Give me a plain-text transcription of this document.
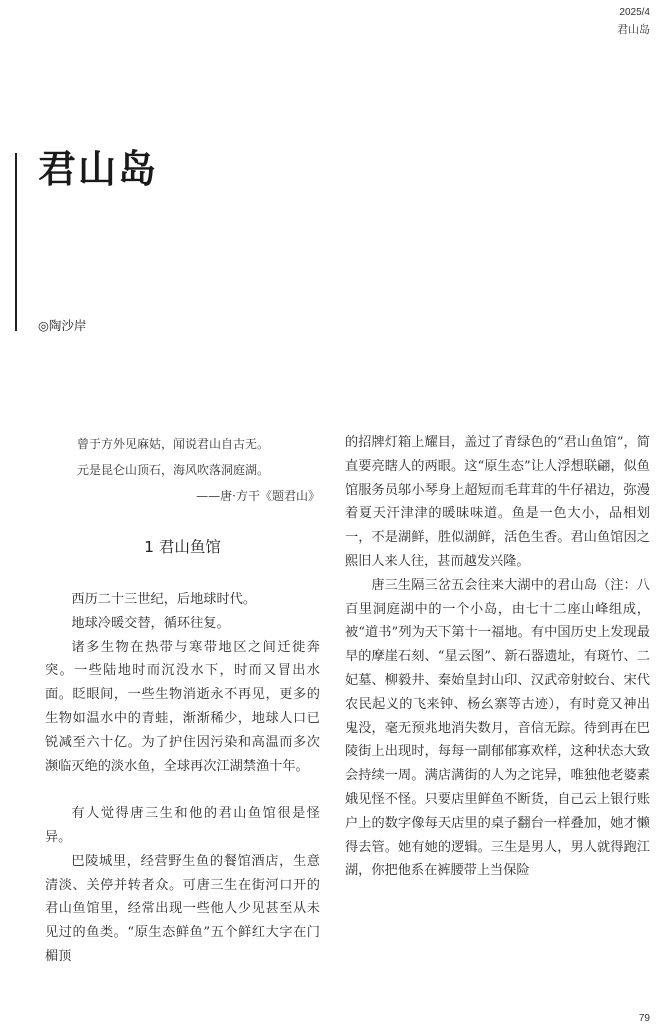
2025/4
君山岛
君山岛
◎陶沙岸

曾于方外见麻姑，闻说君山自古无。

元是昆仑山顶石，海风吹落洞庭湖。

——唐·方干《题君山》

1 君山鱼馆

西历二十三世纪，后地球时代。

地球冷暖交替，循环往复。

诸多生物在热带与寒带地区之间迁徙奔突。一些陆地时而沉没水下，时而又冒出水面。眨眼间，一些生物消逝永不再见，更多的生物如温水中的青蛙，渐渐稀少，地球人口已锐减至六十亿。为了护住因污染和高温而多次濒临灭绝的淡水鱼，全球再次江湖禁渔十年。

有人觉得唐三生和他的君山鱼馆很是怪异。

巴陵城里，经营野生鱼的餐馆酒店，生意清淡、关停并转者众。可唐三生在街河口开的君山鱼馆里，经常出现一些他人少见甚至从未见过的鱼类。“原生态鲜鱼”五个鲜红大字在门楣顶

的招牌灯箱上耀目，盖过了青绿色的“君山鱼馆”，简直要亮瞎人的两眼。这“原生态”让人浮想联翩，似鱼馆服务员邬小琴身上超短而毛茸茸的牛仔裙边，弥漫着夏天汗津津的暖昧味道。鱼是一色大小，品相划一，不是湖鲜，胜似湖鲜，活色生香。君山鱼馆因之熙旧人来人往，甚而越发兴隆。

唐三生隔三岔五会往来大湖中的君山岛（注：八百里洞庭湖中的一个小岛，由七十二座山峰组成，被“道书”列为天下第十一福地。有中国历史上发现最早的摩崖石刻、“星云图”、新石器遗址，有斑竹、二妃墓、柳毅井、秦始皇封山印、汉武帝射蛟台、宋代农民起义的飞来钟、杨幺寨等古迹），有时竟又神出鬼没，毫无预兆地消失数月，音信无踪。待到再在巴陵街上出现时，每每一副郁郁寡欢样，这种状态大致会持续一周。满店满街的人为之诧异，唯独他老婆素娥见怪不怪。只要店里鲜鱼不断货，自己云上银行账户上的数字像每天店里的桌子翻台一样叠加，她才懒得去管。她有她的逻辑。三生是男人，男人就得跑江湖，你把他系在裤腰带上当保险

79
